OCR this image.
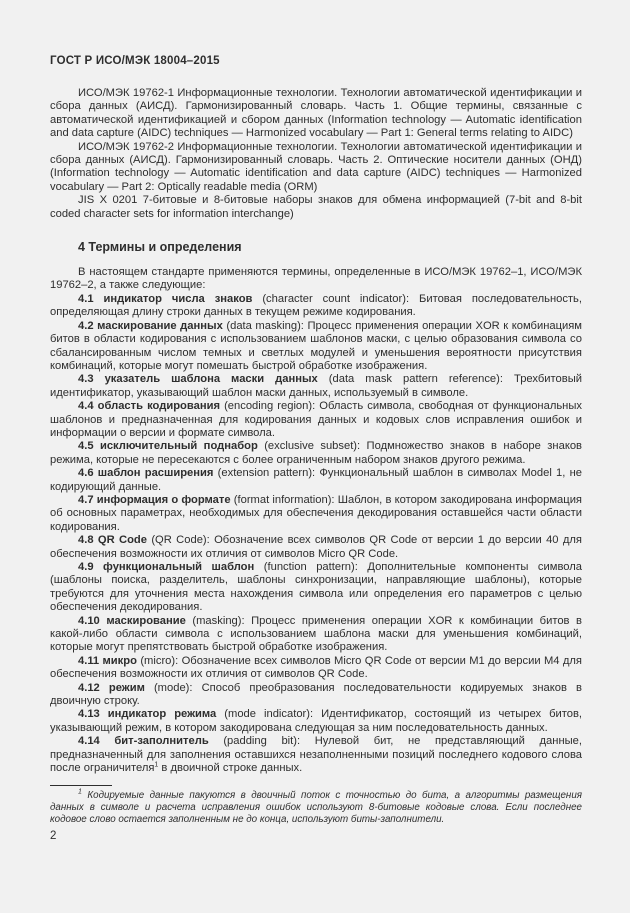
ГОСТ Р ИСО/МЭК 18004–2015

ИСО/МЭК 19762-1 Информационные технологии. Технологии автоматической идентификации и сбора данных (АИСД). Гармонизированный словарь. Часть 1. Общие термины, связанные с автоматической идентификацией и сбором данных (Information technology — Automatic identification and data capture (AIDC) techniques — Harmonized vocabulary — Part 1: General terms relating to AIDC)

ИСО/МЭК 19762-2 Информационные технологии. Технологии автоматической идентификации и сбора данных (АИСД). Гармонизированный словарь. Часть 2. Оптические носители данных (ОНД) (Information technology — Automatic identification and data capture (AIDC) techniques — Harmonized vocabulary — Part 2: Optically readable media (ORM)

JIS X 0201 7-битовые и 8-битовые наборы знаков для обмена информацией (7-bit and 8-bit coded character sets for information interchange)

4 Термины и определения

В настоящем стандарте применяются термины, определенные в ИСО/МЭК 19762–1, ИСО/МЭК 19762–2, а также следующие:

4.1 индикатор числа знаков (character count indicator): Битовая последовательность, определяющая длину строки данных в текущем режиме кодирования.

4.2 маскирование данных (data masking): Процесс применения операции XOR к комбинациям битов в области кодирования с использованием шаблонов маски, с целью образования символа со сбалансированным числом темных и светлых модулей и уменьшения вероятности присутствия комбинаций, которые могут помешать быстрой обработке изображения.

4.3 указатель шаблона маски данных (data mask pattern reference): Трехбитовый идентификатор, указывающий шаблон маски данных, используемый в символе.

4.4 область кодирования (encoding region): Область символа, свободная от функциональных шаблонов и предназначенная для кодирования данных и кодовых слов исправления ошибок и информации о версии и формате символа.

4.5 исключительный поднабор (exclusive subset): Подмножество знаков в наборе знаков режима, которые не пересекаются с более ограниченным набором знаков другого режима.

4.6 шаблон расширения (extension pattern): Функциональный шаблон в символах Model 1, не кодирующий данные.

4.7 информация о формате (format information): Шаблон, в котором закодирована информация об основных параметрах, необходимых для обеспечения декодирования оставшейся части области кодирования.

4.8 QR Code (QR Code): Обозначение всех символов QR Code от версии 1 до версии 40 для обеспечения возможности их отличия от символов Micro QR Code.

4.9 функциональный шаблон (function pattern): Дополнительные компоненты символа (шаблоны поиска, разделитель, шаблоны синхронизации, направляющие шаблоны), которые требуются для уточнения места нахождения символа или определения его параметров с целью обеспечения декодирования.

4.10 маскирование (masking): Процесс применения операции XOR к комбинации битов в какой-либо области символа с использованием шаблона маски для уменьшения комбинаций, которые могут препятствовать быстрой обработке изображения.

4.11 микро (micro): Обозначение всех символов Micro QR Code от версии M1 до версии M4 для обеспечения возможности их отличия от символов QR Code.

4.12 режим (mode): Способ преобразования последовательности кодируемых знаков в двоичную строку.

4.13 индикатор режима (mode indicator): Идентификатор, состоящий из четырех битов, указывающий режим, в котором закодирована следующая за ним последовательность данных.

4.14 бит-заполнитель (padding bit): Нулевой бит, не представляющий данные, предназначенный для заполнения оставшихся незаполненными позиций последнего кодового слова после ограничителя$^1$ в двоичной строке данных.

$^1$ Кодируемые данные пакуются в двоичный поток с точностью до бита, а алгоритмы размещения данных в символе и расчета исправления ошибок используют 8-битовые кодовые слова. Если последнее кодовое слово остается заполненным не до конца, используют биты-заполнители.

2
